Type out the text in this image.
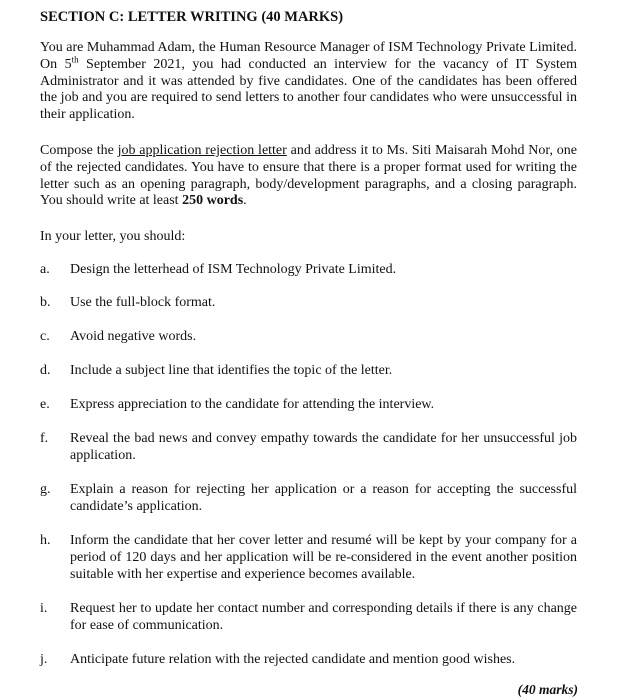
SECTION C: LETTER WRITING (40 MARKS)
You are Muhammad Adam, the Human Resource Manager of ISM Technology Private Limited. On 5th September 2021, you had conducted an interview for the vacancy of IT System Administrator and it was attended by five candidates. One of the candidates has been offered the job and you are required to send letters to another four candidates who were unsuccessful in their application.
Compose the job application rejection letter and address it to Ms. Siti Maisarah Mohd Nor, one of the rejected candidates. You have to ensure that there is a proper format used for writing the letter such as an opening paragraph, body/development paragraphs, and a closing paragraph. You should write at least 250 words.
In your letter, you should:
a. Design the letterhead of ISM Technology Private Limited.
b. Use the full-block format.
c. Avoid negative words.
d. Include a subject line that identifies the topic of the letter.
e. Express appreciation to the candidate for attending the interview.
f. Reveal the bad news and convey empathy towards the candidate for her unsuccessful job application.
g. Explain a reason for rejecting her application or a reason for accepting the successful candidate’s application.
h. Inform the candidate that her cover letter and resumé will be kept by your company for a period of 120 days and her application will be re-considered in the event another position suitable with her expertise and experience becomes available.
i. Request her to update her contact number and corresponding details if there is any change for ease of communication.
j. Anticipate future relation with the rejected candidate and mention good wishes.
(40 marks)
